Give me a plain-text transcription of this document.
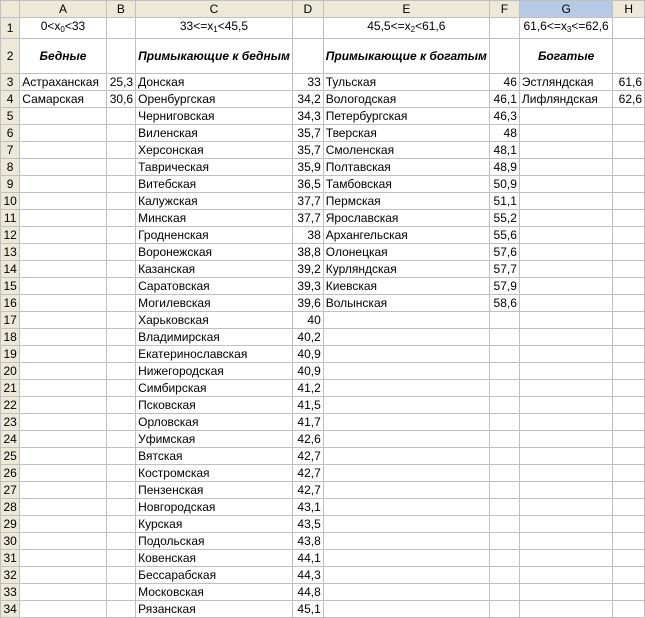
	A	B	C	D	E	F	G	H
1	$0<x_0<33$		$33<=x_1<45,5$		$45,5<=x_2<61,6$		$61,6<=x_3<=62,6$	
2	Бедные		Примыкающие к бедным		Примыкающие к богатым		Богатые	
3	Астраханская	25,3	Донская	33	Тульская	46	Эстляндская	61,6
4	Самарская	30,6	Оренбургская	34,2	Вологодская	46,1	Лифляндская	62,6
5			Черниговская	34,3	Петербургская	46,3		
6			Виленская	35,7	Тверская	48		
7			Херсонская	35,7	Смоленская	48,1		
8			Таврическая	35,9	Полтавская	48,9		
9			Витебская	36,5	Тамбовская	50,9		
10			Калужская	37,7	Пермская	51,1		
11			Минская	37,7	Ярославская	55,2		
12			Гродненская	38	Архангельская	55,6		
13			Воронежская	38,8	Олонецкая	57,6		
14			Казанская	39,2	Курляндская	57,7		
15			Саратовская	39,3	Киевская	57,9		
16			Могилевская	39,6	Волынская	58,6		
17			Харьковская	40				
18			Владимирская	40,2				
19			Екатеринославская	40,9				
20			Нижегородская	40,9				
21			Симбирская	41,2				
22			Псковская	41,5				
23			Орловская	41,7				
24			Уфимская	42,6				
25			Вятская	42,7				
26			Костромская	42,7				
27			Пензенская	42,7				
28			Новгородская	43,1				
29			Курская	43,5				
30			Подольская	43,8				
31			Ковенская	44,1				
32			Бессарабская	44,3				
33			Московская	44,8				
34			Рязанская	45,1				
